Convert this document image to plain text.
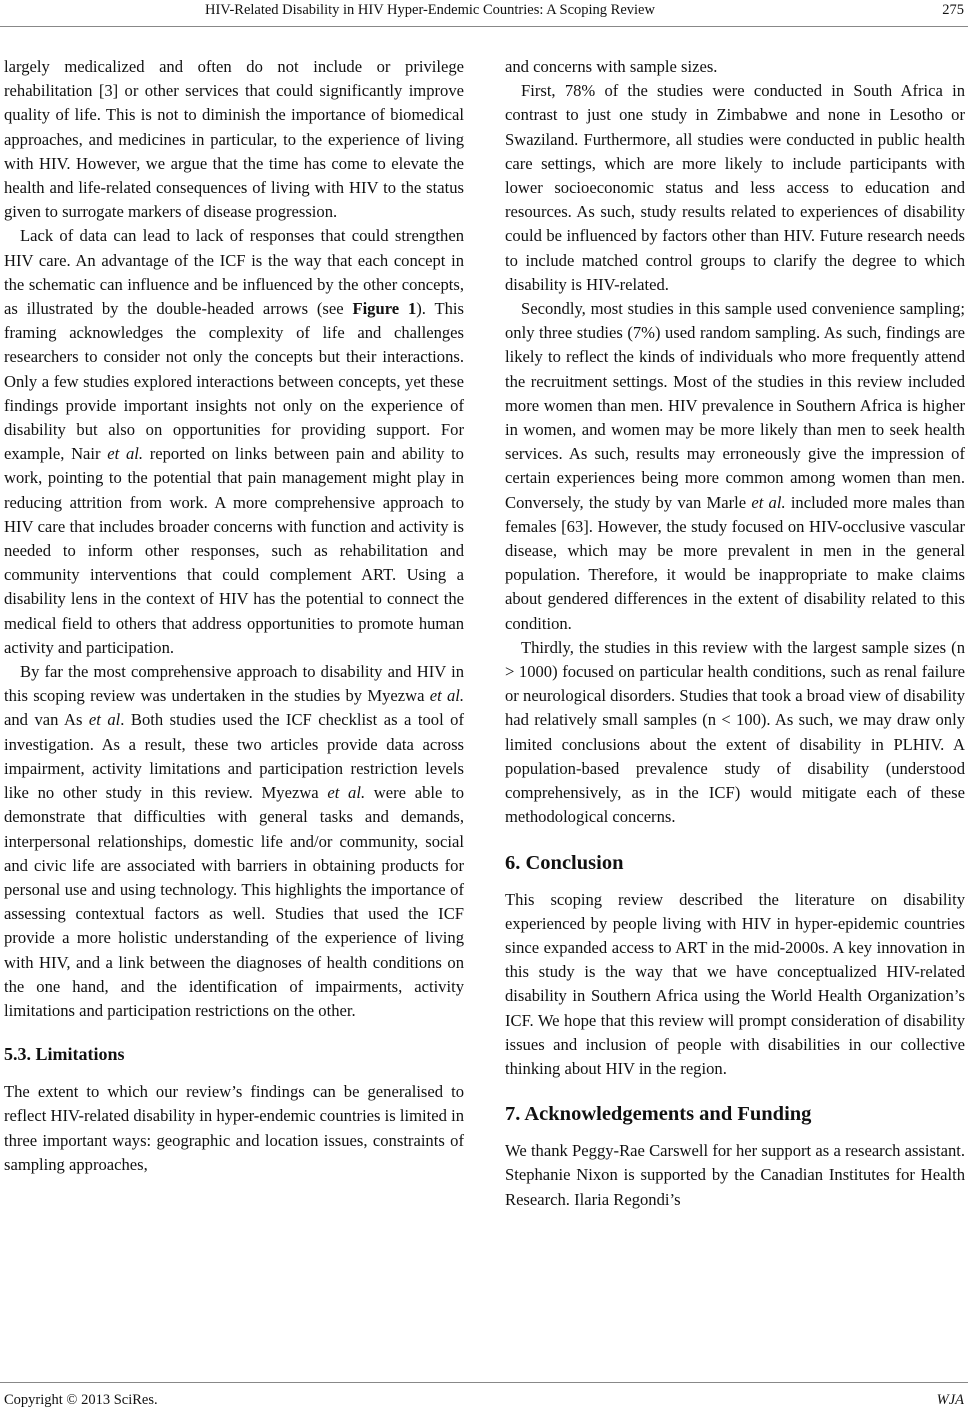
HIV-Related Disability in HIV Hyper-Endemic Countries: A Scoping Review	275

largely medicalized and often do not include or privilege rehabilitation [3] or other services that could significantly improve quality of life. This is not to diminish the importance of biomedical approaches, and medicines in particular, to the experience of living with HIV. However, we argue that the time has come to elevate the health and life-related consequences of living with HIV to the status given to surrogate markers of disease progression.

Lack of data can lead to lack of responses that could strengthen HIV care. An advantage of the ICF is the way that each concept in the schematic can influence and be influenced by the other concepts, as illustrated by the double-headed arrows (see Figure 1). This framing acknowledges the complexity of life and challenges researchers to consider not only the concepts but their interactions. Only a few studies explored interactions between concepts, yet these findings provide important insights not only on the experience of disability but also on opportunities for providing support. For example, Nair et al. reported on links between pain and ability to work, pointing to the potential that pain management might play in reducing attrition from work. A more comprehensive approach to HIV care that includes broader concerns with function and activity is needed to inform other responses, such as rehabilitation and community interventions that could complement ART. Using a disability lens in the context of HIV has the potential to connect the medical field to others that address opportunities to promote human activity and participation.

By far the most comprehensive approach to disability and HIV in this scoping review was undertaken in the studies by Myezwa et al. and van As et al. Both studies used the ICF checklist as a tool of investigation. As a result, these two articles provide data across impairment, activity limitations and participation restriction levels like no other study in this review. Myezwa et al. were able to demonstrate that difficulties with general tasks and demands, interpersonal relationships, domestic life and/or community, social and civic life are associated with barriers in obtaining products for personal use and using technology. This highlights the importance of assessing contextual factors as well. Studies that used the ICF provide a more holistic understanding of the experience of living with HIV, and a link between the diagnoses of health conditions on the one hand, and the identification of impairments, activity limitations and participation restrictions on the other.

5.3. Limitations

The extent to which our review’s findings can be generalised to reflect HIV-related disability in hyper-endemic countries is limited in three important ways: geographic and location issues, constraints of sampling approaches,

and concerns with sample sizes.

First, 78% of the studies were conducted in South Africa in contrast to just one study in Zimbabwe and none in Lesotho or Swaziland. Furthermore, all studies were conducted in public health care settings, which are more likely to include participants with lower socioeconomic status and less access to education and resources. As such, study results related to experiences of disability could be influenced by factors other than HIV. Future research needs to include matched control groups to clarify the degree to which disability is HIV-related.

Secondly, most studies in this sample used convenience sampling; only three studies (7%) used random sampling. As such, findings are likely to reflect the kinds of individuals who more frequently attend the recruitment settings. Most of the studies in this review included more women than men. HIV prevalence in Southern Africa is higher in women, and women may be more likely than men to seek health services. As such, results may erroneously give the impression of certain experiences being more common among women than men. Conversely, the study by van Marle et al. included more males than females [63]. However, the study focused on HIV-occlusive vascular disease, which may be more prevalent in men in the general population. Therefore, it would be inappropriate to make claims about gendered differences in the extent of disability related to this condition.

Thirdly, the studies in this review with the largest sample sizes (n > 1000) focused on particular health conditions, such as renal failure or neurological disorders. Studies that took a broad view of disability had relatively small samples (n < 100). As such, we may draw only limited conclusions about the extent of disability in PLHIV. A population-based prevalence study of disability (understood comprehensively, as in the ICF) would mitigate each of these methodological concerns.

6. Conclusion

This scoping review described the literature on disability experienced by people living with HIV in hyper-epidemic countries since expanded access to ART in the mid-2000s. A key innovation in this study is the way that we have conceptualized HIV-related disability in Southern Africa using the World Health Organization’s ICF. We hope that this review will prompt consideration of disability issues and inclusion of people with disabilities in our collective thinking about HIV in the region.

7. Acknowledgements and Funding

We thank Peggy-Rae Carswell for her support as a research assistant. Stephanie Nixon is supported by the Canadian Institutes for Health Research. Ilaria Regondi’s

Copyright © 2013 SciRes.	WJA
